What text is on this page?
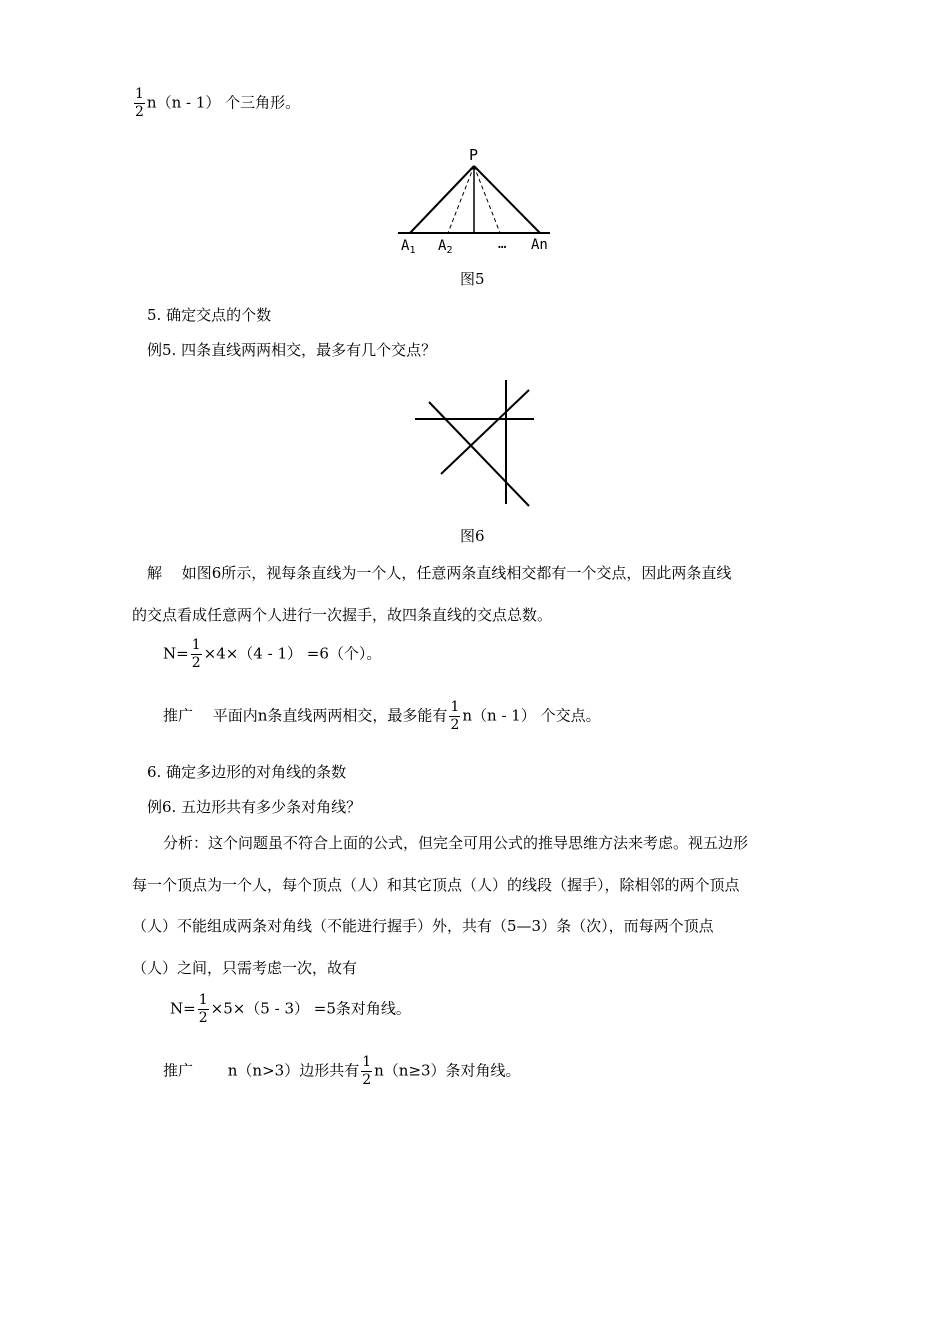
$\frac{1}{2} n(n - 1)$ 个三角形。
P
$A_1$ $A_2$	… An
图5
5. 确定交点的个数
例5. 四条直线两两相交，最多有几个交点？
图6
解　 如图6所示，视每条直线为一个人，任意两条直线相交都有一个交点，因此两条直线
的交点看成任意两个人进行一次握手，故四条直线的交点总数。
$N= \frac{1}{2} \times 4\times(4 - 1) =6$（个）。
推广　 平面内n条直线两两相交，最多能有 $\frac{1}{2} n(n - 1)$ 个交点。
6. 确定多边形的对角线的条数
例6. 五边形共有多少条对角线？
分析：这个问题虽不符合上面的公式，但完全可用公式的推导思维方法来考虑。视五边形
每一个顶点为一个人，每个顶点（人）和其它顶点（人）的线段（握手），除相邻的两个顶点
（人）不能组成两条对角线（不能进行握手）外，共有（5—3）条（次），而每两个顶点
（人）之间，只需考虑一次，故有
$N= \frac{1}{2} \times 5\times(5 - 3) =5$条对角线。
推广　 　n（n>3）边形共有 $\frac{1}{2} n(n\ge 3)$条对角线。
